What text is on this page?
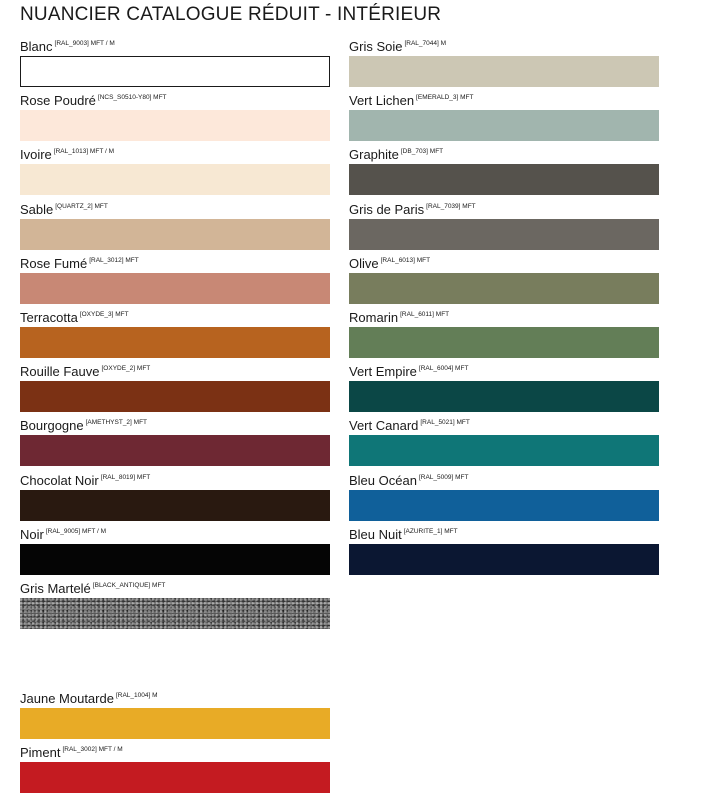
NUANCIER CATALOGUE RÉDUIT - INTÉRIEUR
Blanc $^{[RAL\_9003] MFT / M}$
Rose Poudré $^{[NCS\_S0510-Y80] MFT}$
Ivoire $^{[RAL\_1013] MFT / M}$
Sable $^{[QUARTZ\_2] MFT}$
Rose Fumé $^{[RAL\_3012] MFT}$
Terracotta $^{[OXYDE\_3] MFT}$
Rouille Fauve $^{[OXYDE\_2] MFT}$
Bourgogne $^{[AMETHYST\_2] MFT}$
Chocolat Noir $^{[RAL\_8019] MFT}$
Noir $^{[RAL\_9005] MFT / M}$
Gris Martelé $^{[BLACK\_ANTIQUE] MFT}$
Jaune Moutarde $^{[RAL\_1004] M}$
Piment $^{[RAL\_3002] MFT / M}$
Gris Soie $^{[RAL\_7044] M}$
Vert Lichen $^{[EMERALD\_3] MFT}$
Graphite $^{[DB\_703] MFT}$
Gris de Paris $^{[RAL\_7039] MFT}$
Olive $^{[RAL\_6013] MFT}$
Romarin $^{[RAL\_6011] MFT}$
Vert Empire $^{[RAL\_6004] MFT}$
Vert Canard $^{[RAL\_5021] MFT}$
Bleu Océan $^{[RAL\_5009] MFT}$
Bleu Nuit $^{[AZURITE\_1] MFT}$
